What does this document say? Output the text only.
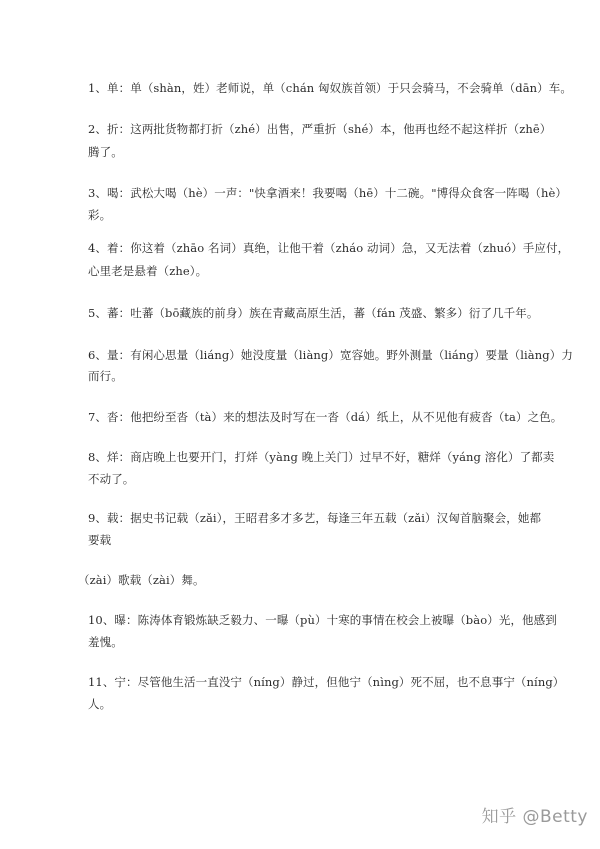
1、单：单（shàn，姓）老师说，单（chán 匈奴族首领）于只会骑马，不会骑单（dān）车。
2、折：这两批货物都打折（zhé）出售，严重折（shé）本，他再也经不起这样折（zhē）
腾了。
3、喝：武松大喝（hè）一声："快拿酒来！我要喝（hē）十二碗。"博得众食客一阵喝（hè）
彩。
4、着：你这着（zhāo 名词）真绝，让他干着（zháo 动词）急，又无法着（zhuó）手应付，
心里老是悬着（zhe）。
5、蕃：吐蕃（bō藏族的前身）族在青藏高原生活，蕃（fán 茂盛、繁多）衍了几千年。
6、量：有闲心思量（liáng）她没度量（liàng）宽容她。野外测量（liáng）要量（liàng）力
而行。
7、沓：他把纷至沓（tà）来的想法及时写在一沓（dá）纸上，从不见他有疲沓（ta）之色。
8、烊：商店晚上也要开门，打烊（yàng 晚上关门）过早不好，糖烊（yáng 溶化）了都卖
不动了。
9、载：据史书记载（zǎi），王昭君多才多艺，每逢三年五载（zǎi）汉匈首脑聚会，她都
要载
（zài）歌载（zài）舞。
10、曝：陈涛体育锻炼缺乏毅力、一曝（pù）十寒的事情在校会上被曝（bào）光，他感到
羞愧。
11、宁：尽管他生活一直没宁（níng）静过，但他宁（nìng）死不屈，也不息事宁（níng）
人。
知乎 @Betty
